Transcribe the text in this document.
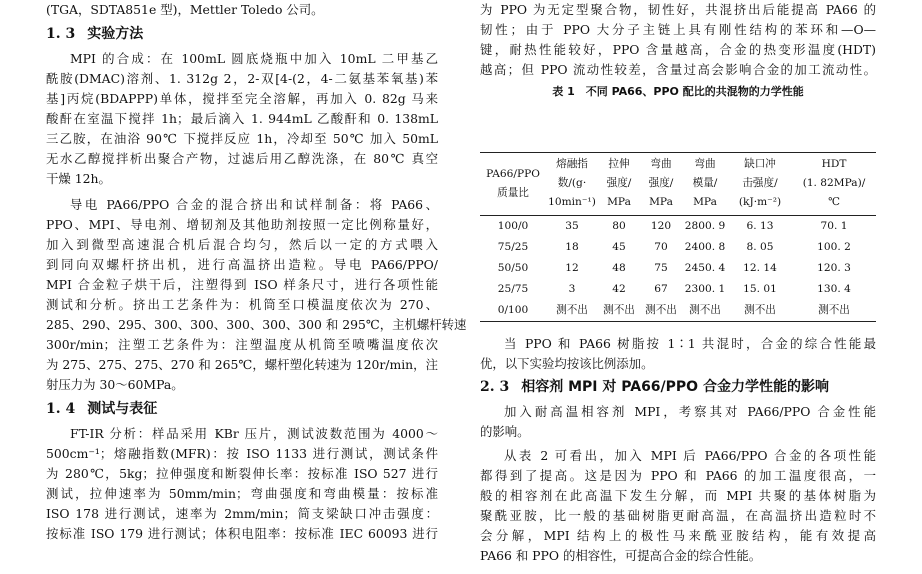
(TGA，SDTA851e 型)，Mettler Toledo 公司。
1. 3 实验方法
MPI 的合成：在 100mL 圆底烧瓶中加入 10mL 二甲基乙
酰胺(DMAC)溶剂、1. 312g 2，2-双[4-(2，4-二氨基苯氧基)苯
基]丙烷(BDAPPP)单体，搅拌至完全溶解，再加入 0. 82g 马来
酸酐在室温下搅拌 1h；最后滴入 1. 944mL 乙酸酐和 0. 138mL
三乙胺，在油浴 90℃ 下搅拌反应 1h，冷却至 50℃ 加入 50mL
无水乙醇搅拌析出聚合产物，过滤后用乙醇洗涤，在 80℃ 真空
干燥 12h。
导电 PA66/PPO 合金的混合挤出和试样制备：将 PA66、
PPO、MPI、导电剂、增韧剂及其他助剂按照一定比例称量好，
加入到微型高速混合机后混合均匀，然后以一定的方式喂入
到同向双螺杆挤出机，进行高温挤出造粒。导电 PA66/PPO/
MPI 合金粒子烘干后，注塑得到 ISO 样条尺寸，进行各项性能
测试和分析。挤出工艺条件为：机筒至口模温度依次为 270、
285、290、295、300、300、300、300、300 和 295℃，主机螺杆转速
300r/min；注塑工艺条件为：注塑温度从机筒至喷嘴温度依次
为 275、275、275、270 和 265℃，螺杆塑化转速为 120r/min，注
射压力为 30～60MPa。
1. 4 测试与表征
FT-IR 分析：样品采用 KBr 压片，测试波数范围为 4000～
500cm⁻¹；熔融指数(MFR)：按 ISO 1133 进行测试，测试条件
为 280℃，5kg；拉伸强度和断裂伸长率：按标准 ISO 527 进行
测试，拉伸速率为 50mm/min；弯曲强度和弯曲模量：按标准
ISO 178 进行测试，速率为 2mm/min；简支梁缺口冲击强度：
按标准 ISO 179 进行测试；体积电阻率：按标准 IEC 60093 进行
为 PPO 为无定型聚合物，韧性好，共混挤出后能提高 PA66 的
韧性；由于 PPO 大分子主链上具有刚性结构的苯环和—O—
键，耐热性能较好，PPO 含量越高，合金的热变形温度(HDT)
越高；但 PPO 流动性较差，含量过高会影响合金的加工流动性。
表 1　不同 PA66、PPO 配比的共混物的力学性能
PA66/PPO
质量比	熔融指
数/(g·
10min⁻¹)	拉伸
强度/
MPa	弯曲
强度/
MPa	弯曲
模量/
MPa	缺口冲
击强度/
(kJ·m⁻²)	HDT
(1. 82MPa)/
℃
100/0	35	80	120	2800. 9	6. 13	70. 1
75/25	18	45	70	2400. 8	8. 05	100. 2
50/50	12	48	75	2450. 4	12. 14	120. 3
25/75	3	42	67	2300. 1	15. 01	130. 4
0/100	测不出	测不出	测不出	测不出	测不出	测不出
当 PPO 和 PA66 树脂按 1∶1 共混时，合金的综合性能最
优，以下实验均按该比例添加。
2. 3 相容剂 MPI 对 PA66/PPO 合金力学性能的影响
加入耐高温相容剂 MPI，考察其对 PA66/PPO 合金性能
的影响。
从表 2 可看出，加入 MPI 后 PA66/PPO 合金的各项性能
都得到了提高。这是因为 PPO 和 PA66 的加工温度很高，一
般的相容剂在此高温下发生分解，而 MPI 共聚的基体树脂为
聚酰亚胺，比一般的基础树脂更耐高温，在高温挤出造粒时不
会分解，MPI 结构上的极性马来酰亚胺结构，能有效提高
PA66 和 PPO 的相容性，可提高合金的综合性能。
